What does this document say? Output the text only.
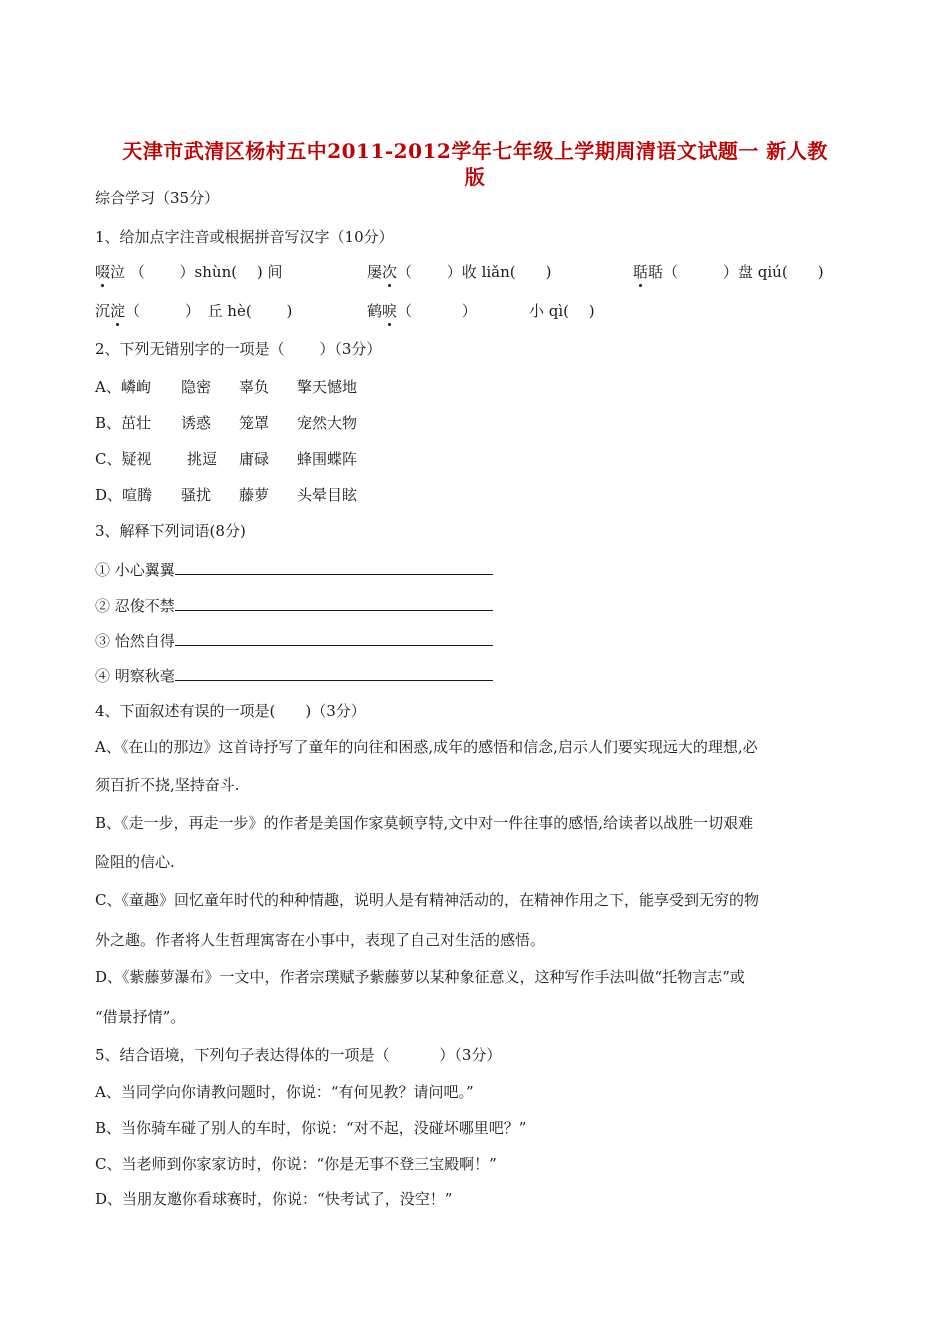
天津市武清区杨村五中2011-2012学年七年级上学期周清语文试题一 新人教
版
综合学习（35分）
1、给加点字注音或根据拼音写汉字（10分）
啜泣 （　　 ）shùn(　 ) 间	屡次（　　 ）收 liǎn(　　)	聒聒（　　　）盘 qiú(　　)
沉淀（　　　）　丘 hè(　 　)	鹤唳（　　　 ）	小 qì(　 )
2、下列无错别字的一项是（　　 ）（3分）
A、嶙峋 隐密 辜负 擎天憾地
B、茁壮 诱惑 笼罩 宠然大物
C、疑视 挑逗 庸碌 蜂围蝶阵
D、喧腾 骚扰 藤萝 头晕目眩
3、解释下列词语(8分)
① 小心翼翼
② 忍俊不禁
③ 怡然自得
④ 明察秋毫
4、下面叙述有误的一项是(　　)（3分）
A、《在山的那边》这首诗抒写了童年的向往和困惑,成年的感悟和信念,启示人们要实现远大的理想,必
须百折不挠,坚持奋斗.
B、《走一步，再走一步》的作者是美国作家莫顿亨特,文中对一件往事的感悟,给读者以战胜一切艰难
险阻的信心.
C、《童趣》回忆童年时代的种种情趣，说明人是有精神活动的，在精神作用之下，能享受到无穷的物
外之趣。作者将人生哲理寓寄在小事中，表现了自己对生活的感悟。
D、《紫藤萝瀑布》一文中，作者宗璞赋予紫藤萝以某种象征意义，这种写作手法叫做“托物言志”或
“借景抒情”。
5、结合语境，下列句子表达得体的一项是（　　　 ）（3分）
A、当同学向你请教问题时，你说：“有何见教？请问吧。”
B、当你骑车碰了别人的车时，你说：“对不起，没碰坏哪里吧？”
C、当老师到你家家访时，你说：“你是无事不登三宝殿啊！”
D、当朋友邀你看球赛时，你说：“快考试了，没空！”
